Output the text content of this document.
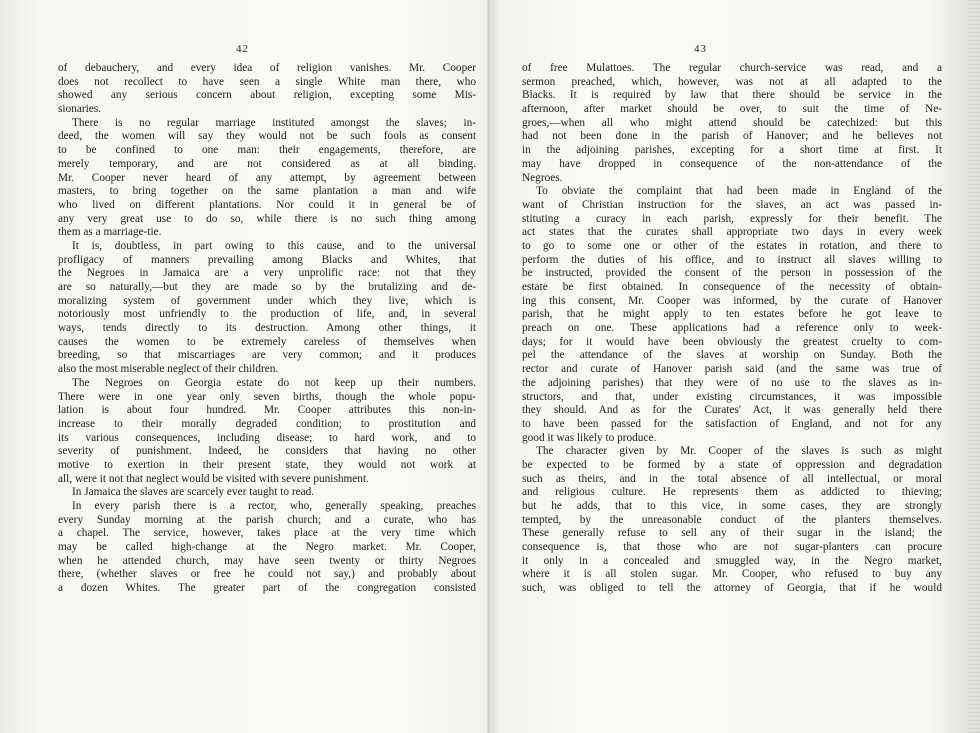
42
of debauchery, and every idea of religion vanishes. Mr. Cooper
does not recollect to have seen a single White man there, who
showed any serious concern about religion, excepting some Mis-
sionaries.
There is no regular marriage instituted amongst the slaves; in-
deed, the women will say they would not be such fools as consent
to be confined to one man: their engagements, therefore, are
merely temporary, and are not considered as at all binding.
Mr. Cooper never heard of any attempt, by agreement between
masters, to bring together on the same plantation a man and wife
who lived on different plantations. Nor could it in general be of
any very great use to do so, while there is no such thing among
them as a marriage-tie.
It is, doubtless, in part owing to this cause, and to the universal
profligacy of manners prevailing among Blacks and Whites, that
the Negroes in Jamaica are a very unprolific race: not that they
are so naturally,—but they are made so by the brutalizing and de-
moralizing system of government under which they live, which is
notoriously most unfriendly to the production of life, and, in several
ways, tends directly to its destruction. Among other things, it
causes the women to be extremely careless of themselves when
breeding, so that miscarriages are very common; and it produces
also the most miserable neglect of their children.
The Negroes on Georgia estate do not keep up their numbers.
There were in one year only seven births, though the whole popu-
lation is about four hundred. Mr. Cooper attributes this non-in-
increase to their morally degraded condition; to prostitution and
its various consequences, including disease; to hard work, and to
severity of punishment. Indeed, he considers that having no other
motive to exertion in their present state, they would not work at
all, were it not that neglect would be visited with severe punishment.
In Jamaica the slaves are scarcely ever taught to read.
In every parish there is a rector, who, generally speaking, preaches
every Sunday morning at the parish church; and a curate, who has
a chapel. The service, however, takes place at the very time which
may be called high-change at the Negro market. Mr. Cooper,
when he attended church, may have seen twenty or thirty Negroes
there, (whether slaves or free he could not say,) and probably about
a dozen Whites. The greater part of the congregation consisted
43
of free Mulattoes. The regular church-service was read, and a
sermon preached, which, however, was not at all adapted to the
Blacks. It is required by law that there should be service in the
afternoon, after market should be over, to suit the time of Ne-
groes,—when all who might attend should be catechized: but this
had not been done in the parish of Hanover; and he believes not
in the adjoining parishes, excepting for a short time at first. It
may have dropped in consequence of the non-attendance of the
Negroes.
To obviate the complaint that had been made in England of the
want of Christian instruction for the slaves, an act was passed in-
stituting a curacy in each parish, expressly for their benefit. The
act states that the curates shall appropriate two days in every week
to go to some one or other of the estates in rotation, and there to
perform the duties of his office, and to instruct all slaves willing to
be instructed, provided the consent of the person in possession of the
estate be first obtained. In consequence of the necessity of obtain-
ing this consent, Mr. Cooper was informed, by the curate of Hanover
parish, that he might apply to ten estates before he got leave to
preach on one. These applications had a reference only to week-
days; for it would have been obviously the greatest cruelty to com-
pel the attendance of the slaves at worship on Sunday. Both the
rector and curate of Hanover parish said (and the same was true of
the adjoining parishes) that they were of no use to the slaves as in-
structors, and that, under existing circumstances, it was impossible
they should. And as for the Curates' Act, it was generally held there
to have been passed for the satisfaction of England, and not for any
good it was likely to produce.
The character given by Mr. Cooper of the slaves is such as might
be expected to be formed by a state of oppression and degradation
such as theirs, and in the total absence of all intellectual, or moral
and religious culture. He represents them as addicted to thieving;
but he adds, that to this vice, in some cases, they are strongly
tempted, by the unreasonable conduct of the planters themselves.
These generally refuse to sell any of their sugar in the island; the
consequence is, that those who are not sugar-planters can procure
it only in a concealed and smuggled way, in the Negro market,
where it is all stolen sugar. Mr. Cooper, who refused to buy any
such, was obliged to tell the attorney of Georgia, that if he would
